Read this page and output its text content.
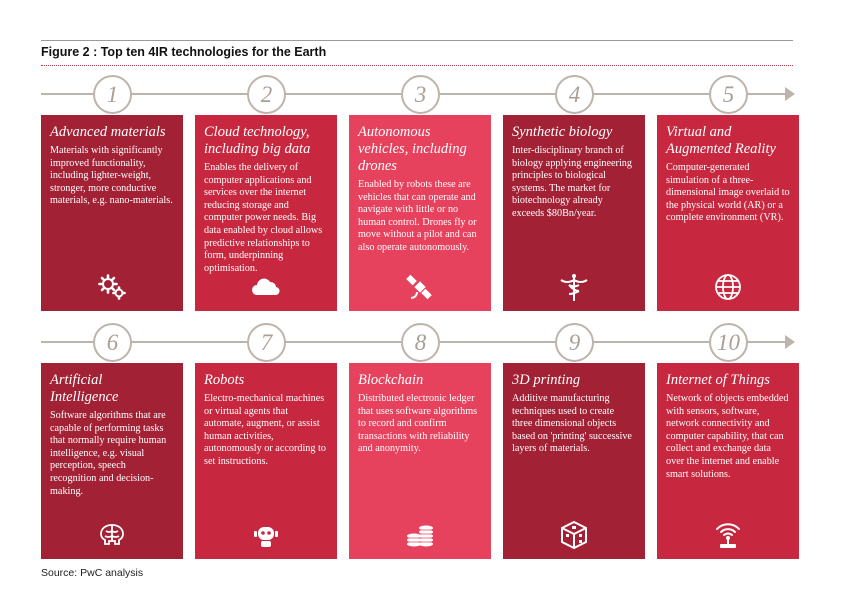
Figure 2 : Top ten 4IR technologies for the Earth
1	2	3	4	5
Advanced materials

Materials with significantly improved functionality, including lighter-weight, stronger, more conductive materials, e.g. nano-materials.

Cloud technology, including big data

Enables the delivery of computer applications and services over the internet reducing storage and computer power needs. Big data enabled by cloud allows predictive relationships to form, underpinning optimisation.

Autonomous vehicles, including drones

Enabled by robots these are vehicles that can operate and navigate with little or no human control. Drones fly or move without a pilot and can also operate autonomously.

Synthetic biology

Inter-disciplinary branch of biology applying engineering principles to biological systems. The market for biotechnology already exceeds $80Bn/year.

Virtual and Augmented Reality

Computer-generated simulation of a three-dimensional image overlaid to the physical world (AR) or a complete environment (VR).

6	7	8	9	10
Artificial Intelligence

Software algorithms that are capable of performing tasks that normally require human intelligence, e.g. visual perception, speech recognition and decision-making.

Robots

Electro-mechanical machines or virtual agents that automate, augment, or assist human activities, autonomously or according to set instructions.

Blockchain

Distributed electronic ledger that uses software algorithms to record and confirm transactions with reliability and anonymity.

3D printing

Additive manufacturing techniques used to create three dimensional objects based on 'printing' successive layers of materials.

Internet of Things

Network of objects embedded with sensors, software, network connectivity and computer capability, that can collect and exchange data over the internet and enable smart solutions.

Source: PwC analysis
